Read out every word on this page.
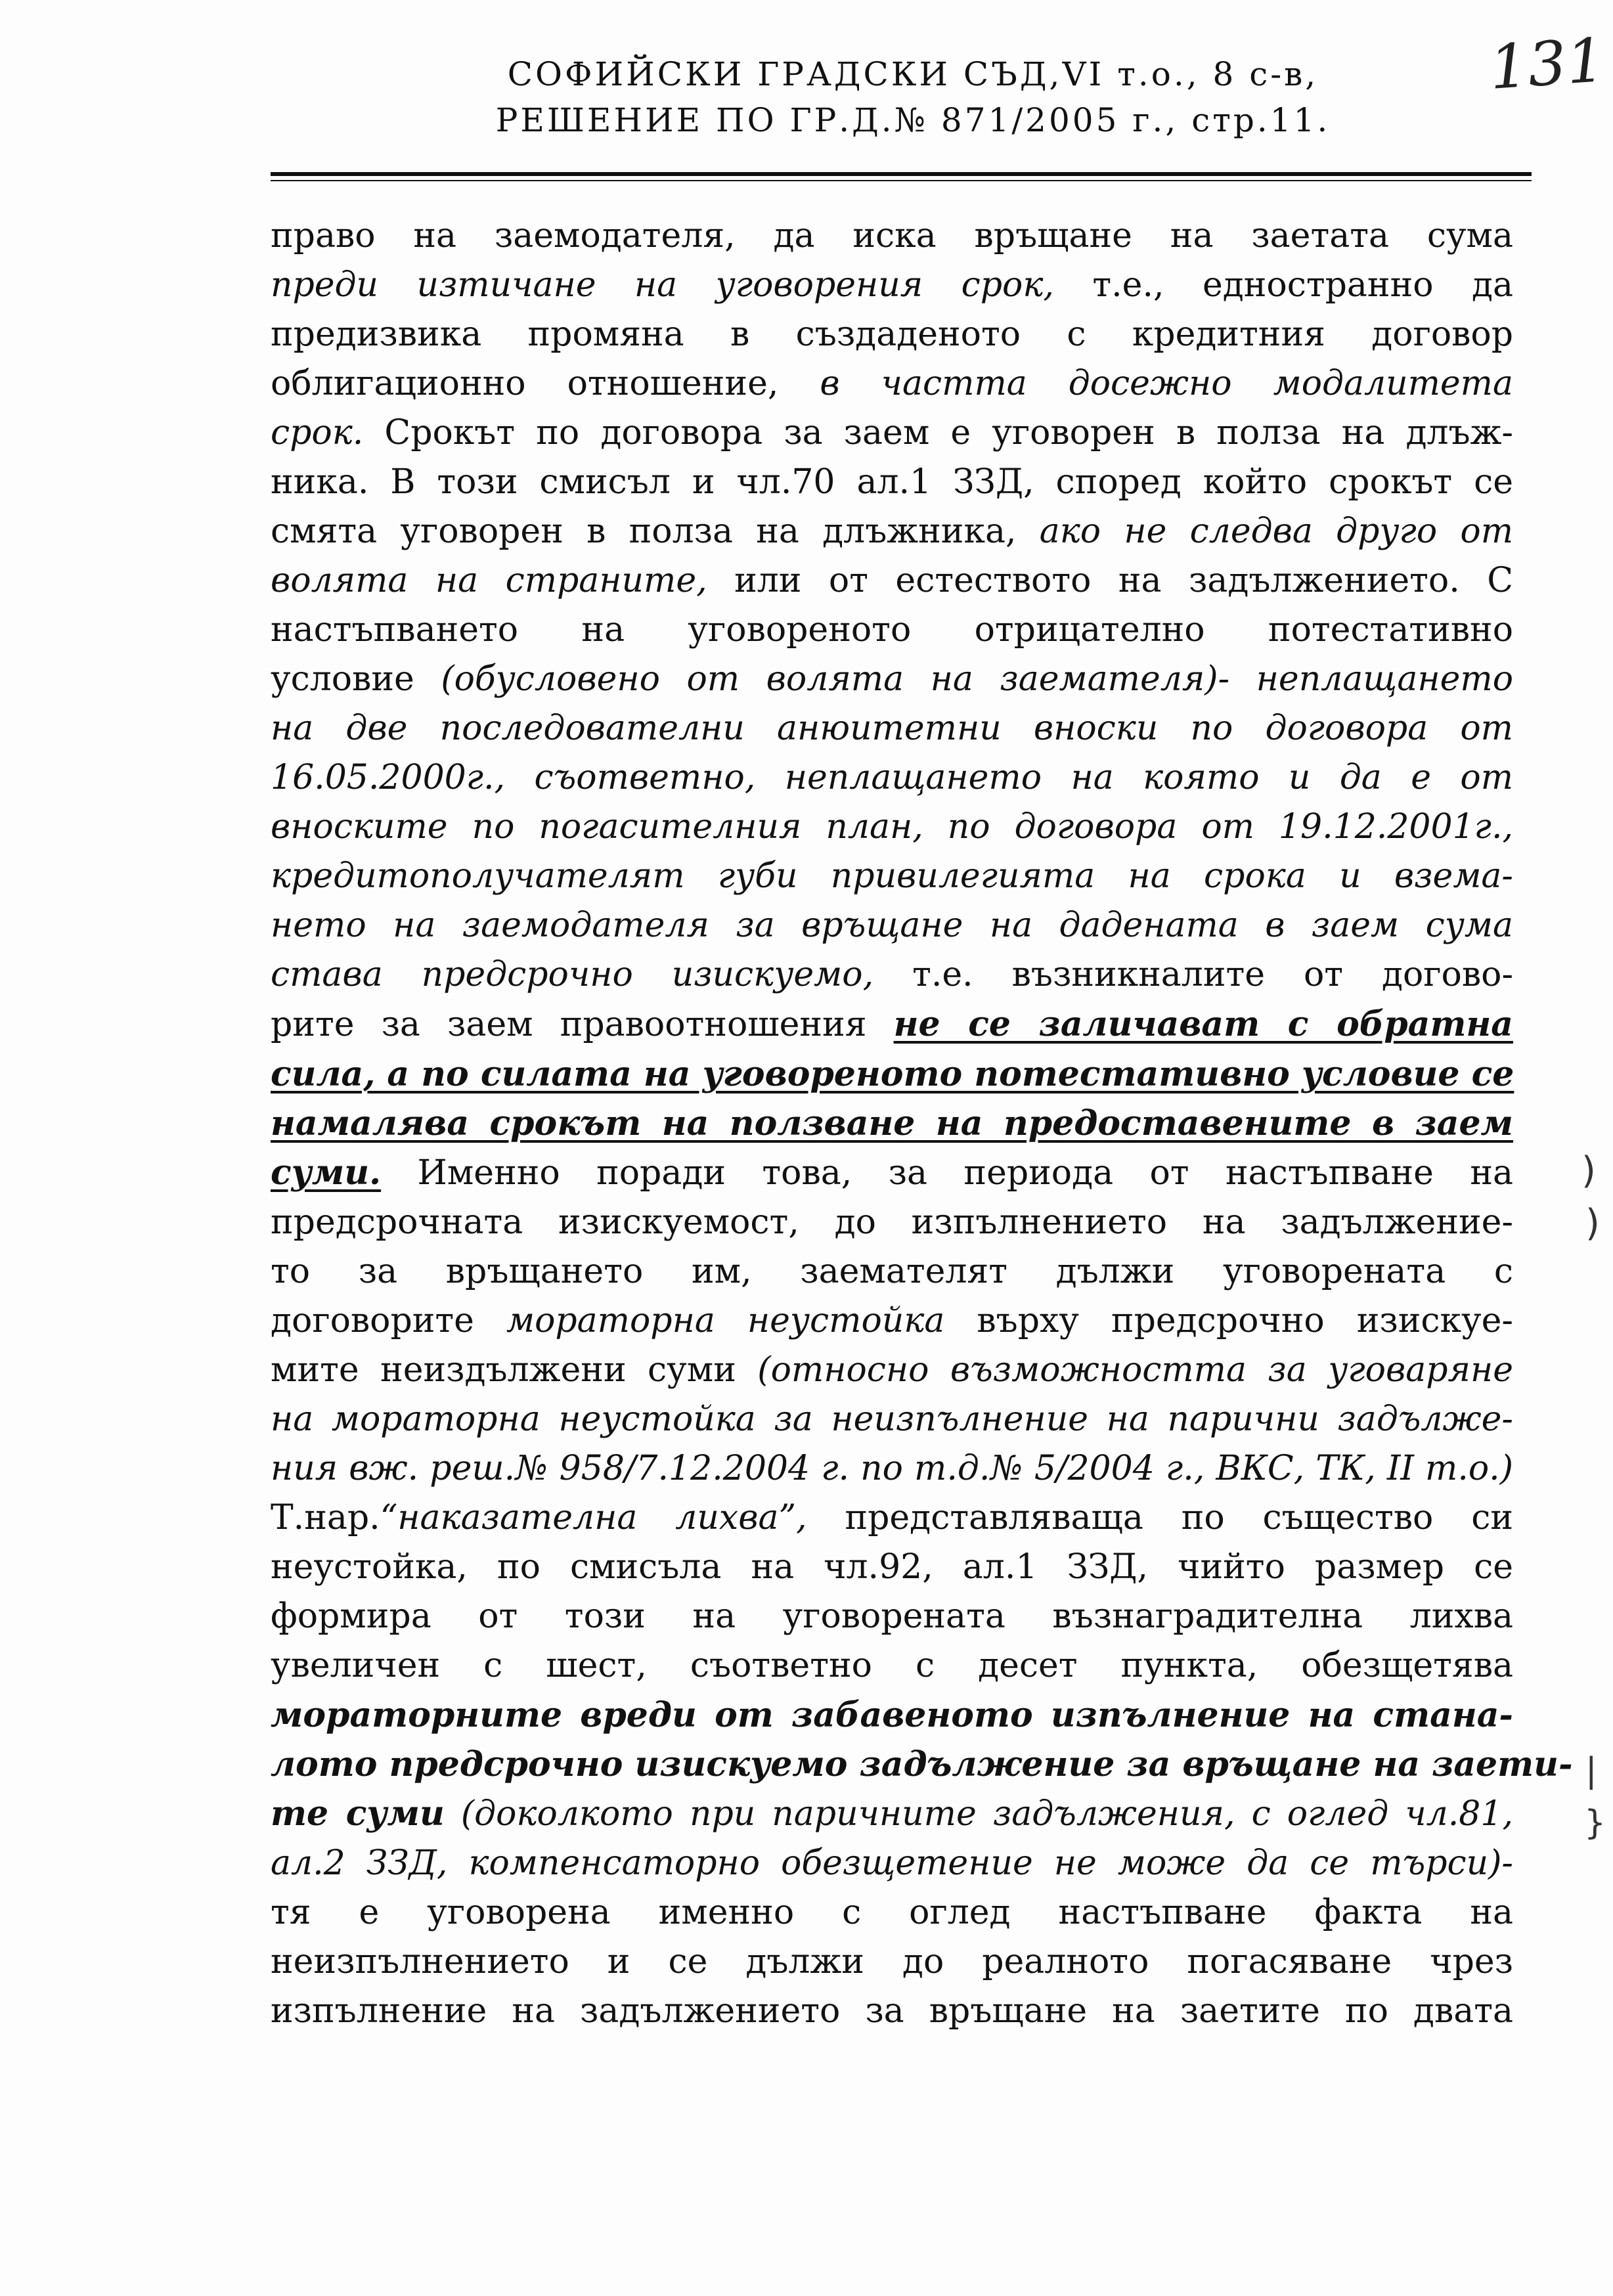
СОФИЙСКИ ГРАДСКИ СЪД,VI т.о., 8 с-в,
РЕШЕНИЕ ПО ГР.Д.№ 871/2005 г., стр.11.
131
право на заемодателя, да иска връщане на заетата сума
преди изтичане на уговорения срок, т.е., едностранно да
предизвика промяна в създаденото с кредитния договор
облигационно отношение, в частта досежно модалитета
срок. Срокът по договора за заем е уговорен в полза на длъж-
ника. В този смисъл и чл.70 ал.1 ЗЗД, според който срокът се
смята уговорен в полза на длъжника, ако не следва друго от
волята на страните, или от естеството на задължението. С
настъпването на уговореното отрицателно потестативно
условие (обусловено от волята на заемателя)- неплащането
на две последователни анюитетни вноски по договора от
16.05.2000г., съответно, неплащането на която и да е от
вноските по погасителния план, по договора от 19.12.2001г.,
кредитополучателят губи привилегията на срока и взема-
нето на заемодателя за връщане на дадената в заем сума
става предсрочно изискуемо, т.е. възникналите от догово-
рите за заем правоотношения не се заличават с обратна
сила, а по силата на уговореното потестативно условие се
намалява срокът на ползване на предоставените в заем
суми. Именно поради това, за периода от настъпване на
предсрочната изискуемост, до изпълнението на задължение-
то за връщането им, заемателят дължи уговорената с
договорите мораторна неустойка върху предсрочно изискуе-
мите неиздължени суми (относно възможността за уговаряне
на мораторна неустойка за неизпълнение на парични задълже-
ния вж. реш.№ 958/7.12.2004 г. по т.д.№ 5/2004 г., ВКС, ТК, II т.о.)
Т.нар.“наказателна лихва”, представляваща по същество си
неустойка, по смисъла на чл.92, ал.1 ЗЗД, чийто размер се
формира от този на уговорената възнаградителна лихва
увеличен с шест, съответно с десет пункта, обезщетява
мораторните вреди от забавеното изпълнение на стана-
лото предсрочно изискуемо задължение за връщане на заети-
те суми (доколкото при паричните задължения, с оглед чл.81,
ал.2 ЗЗД, компенсаторно обезщетение не може да се търси)-
тя е уговорена именно с оглед настъпване факта на
неизпълнението и се дължи до реалното погасяване чрез
изпълнение на задължението за връщане на заетите по двата
)
)
|
}
